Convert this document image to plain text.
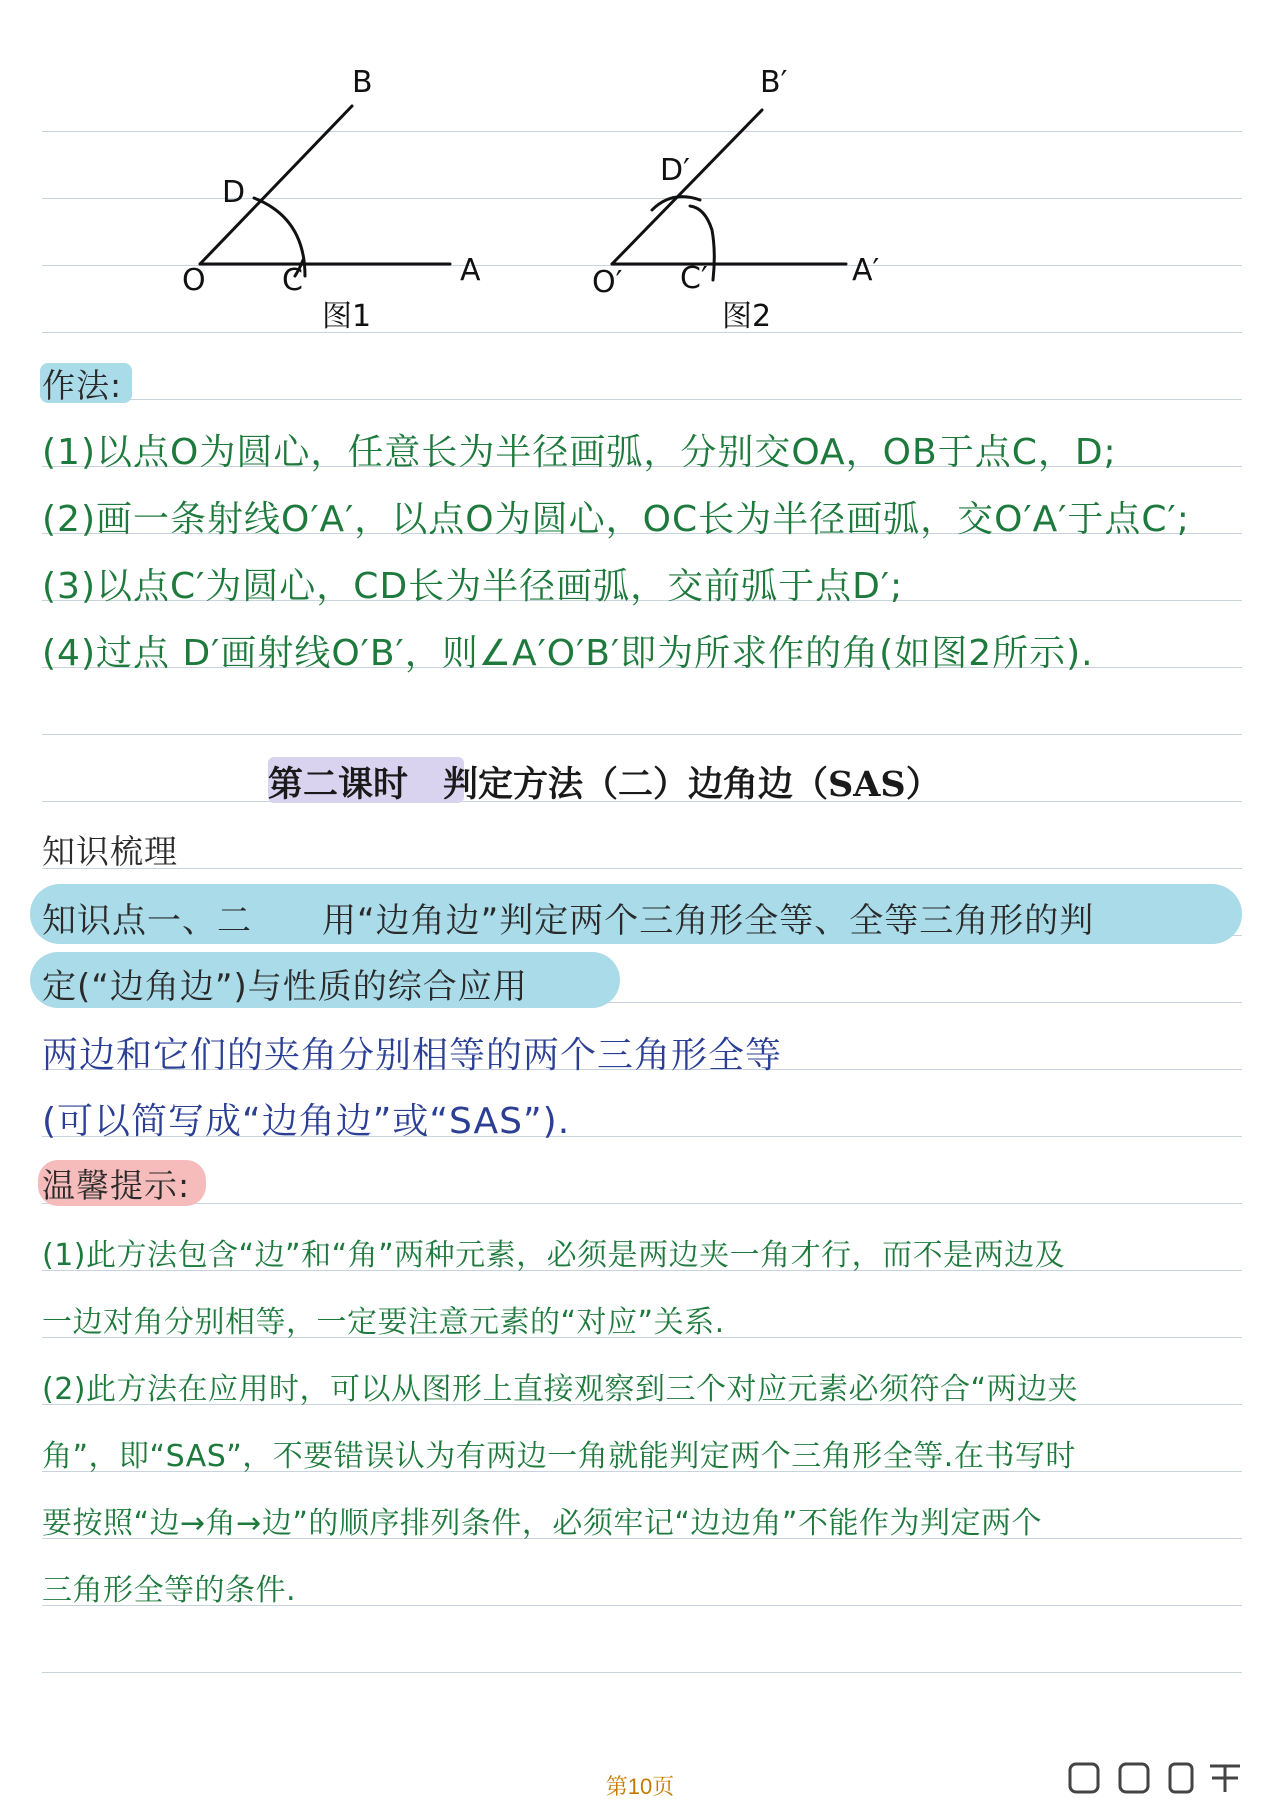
B
D
O	C	A
图1
B′
D′
O′ C′	A′
图2
作法:
(1)以点O为圆心，任意长为半径画弧，分别交OA，OB于点C，D;
(2)画一条射线O′A′，以点O为圆心，OC长为半径画弧，交O′A′于点C′;
(3)以点C′为圆心，CD长为半径画弧，交前弧于点D′;
(4)过点 D′画射线O′B′，则∠A′O′B′即为所求作的角(如图2所示).
第二课时　判定方法（二）边角边（SAS）
知识梳理
知识点一、二　　用“边角边”判定两个三角形全等、全等三角形的判
定(“边角边”)与性质的综合应用
两边和它们的夹角分别相等的两个三角形全等
(可以简写成“边角边”或“SAS”).
温馨提示:
(1)此方法包含“边”和“角”两种元素，必须是两边夹一角才行，而不是两边及
一边对角分别相等，一定要注意元素的“对应”关系.
(2)此方法在应用时，可以从图形上直接观察到三个对应元素必须符合“两边夹
角”，即“SAS”，不要错误认为有两边一角就能判定两个三角形全等.在书写时
要按照“边→角→边”的顺序排列条件，必须牢记“边边角”不能作为判定两个
三角形全等的条件.
第10页
